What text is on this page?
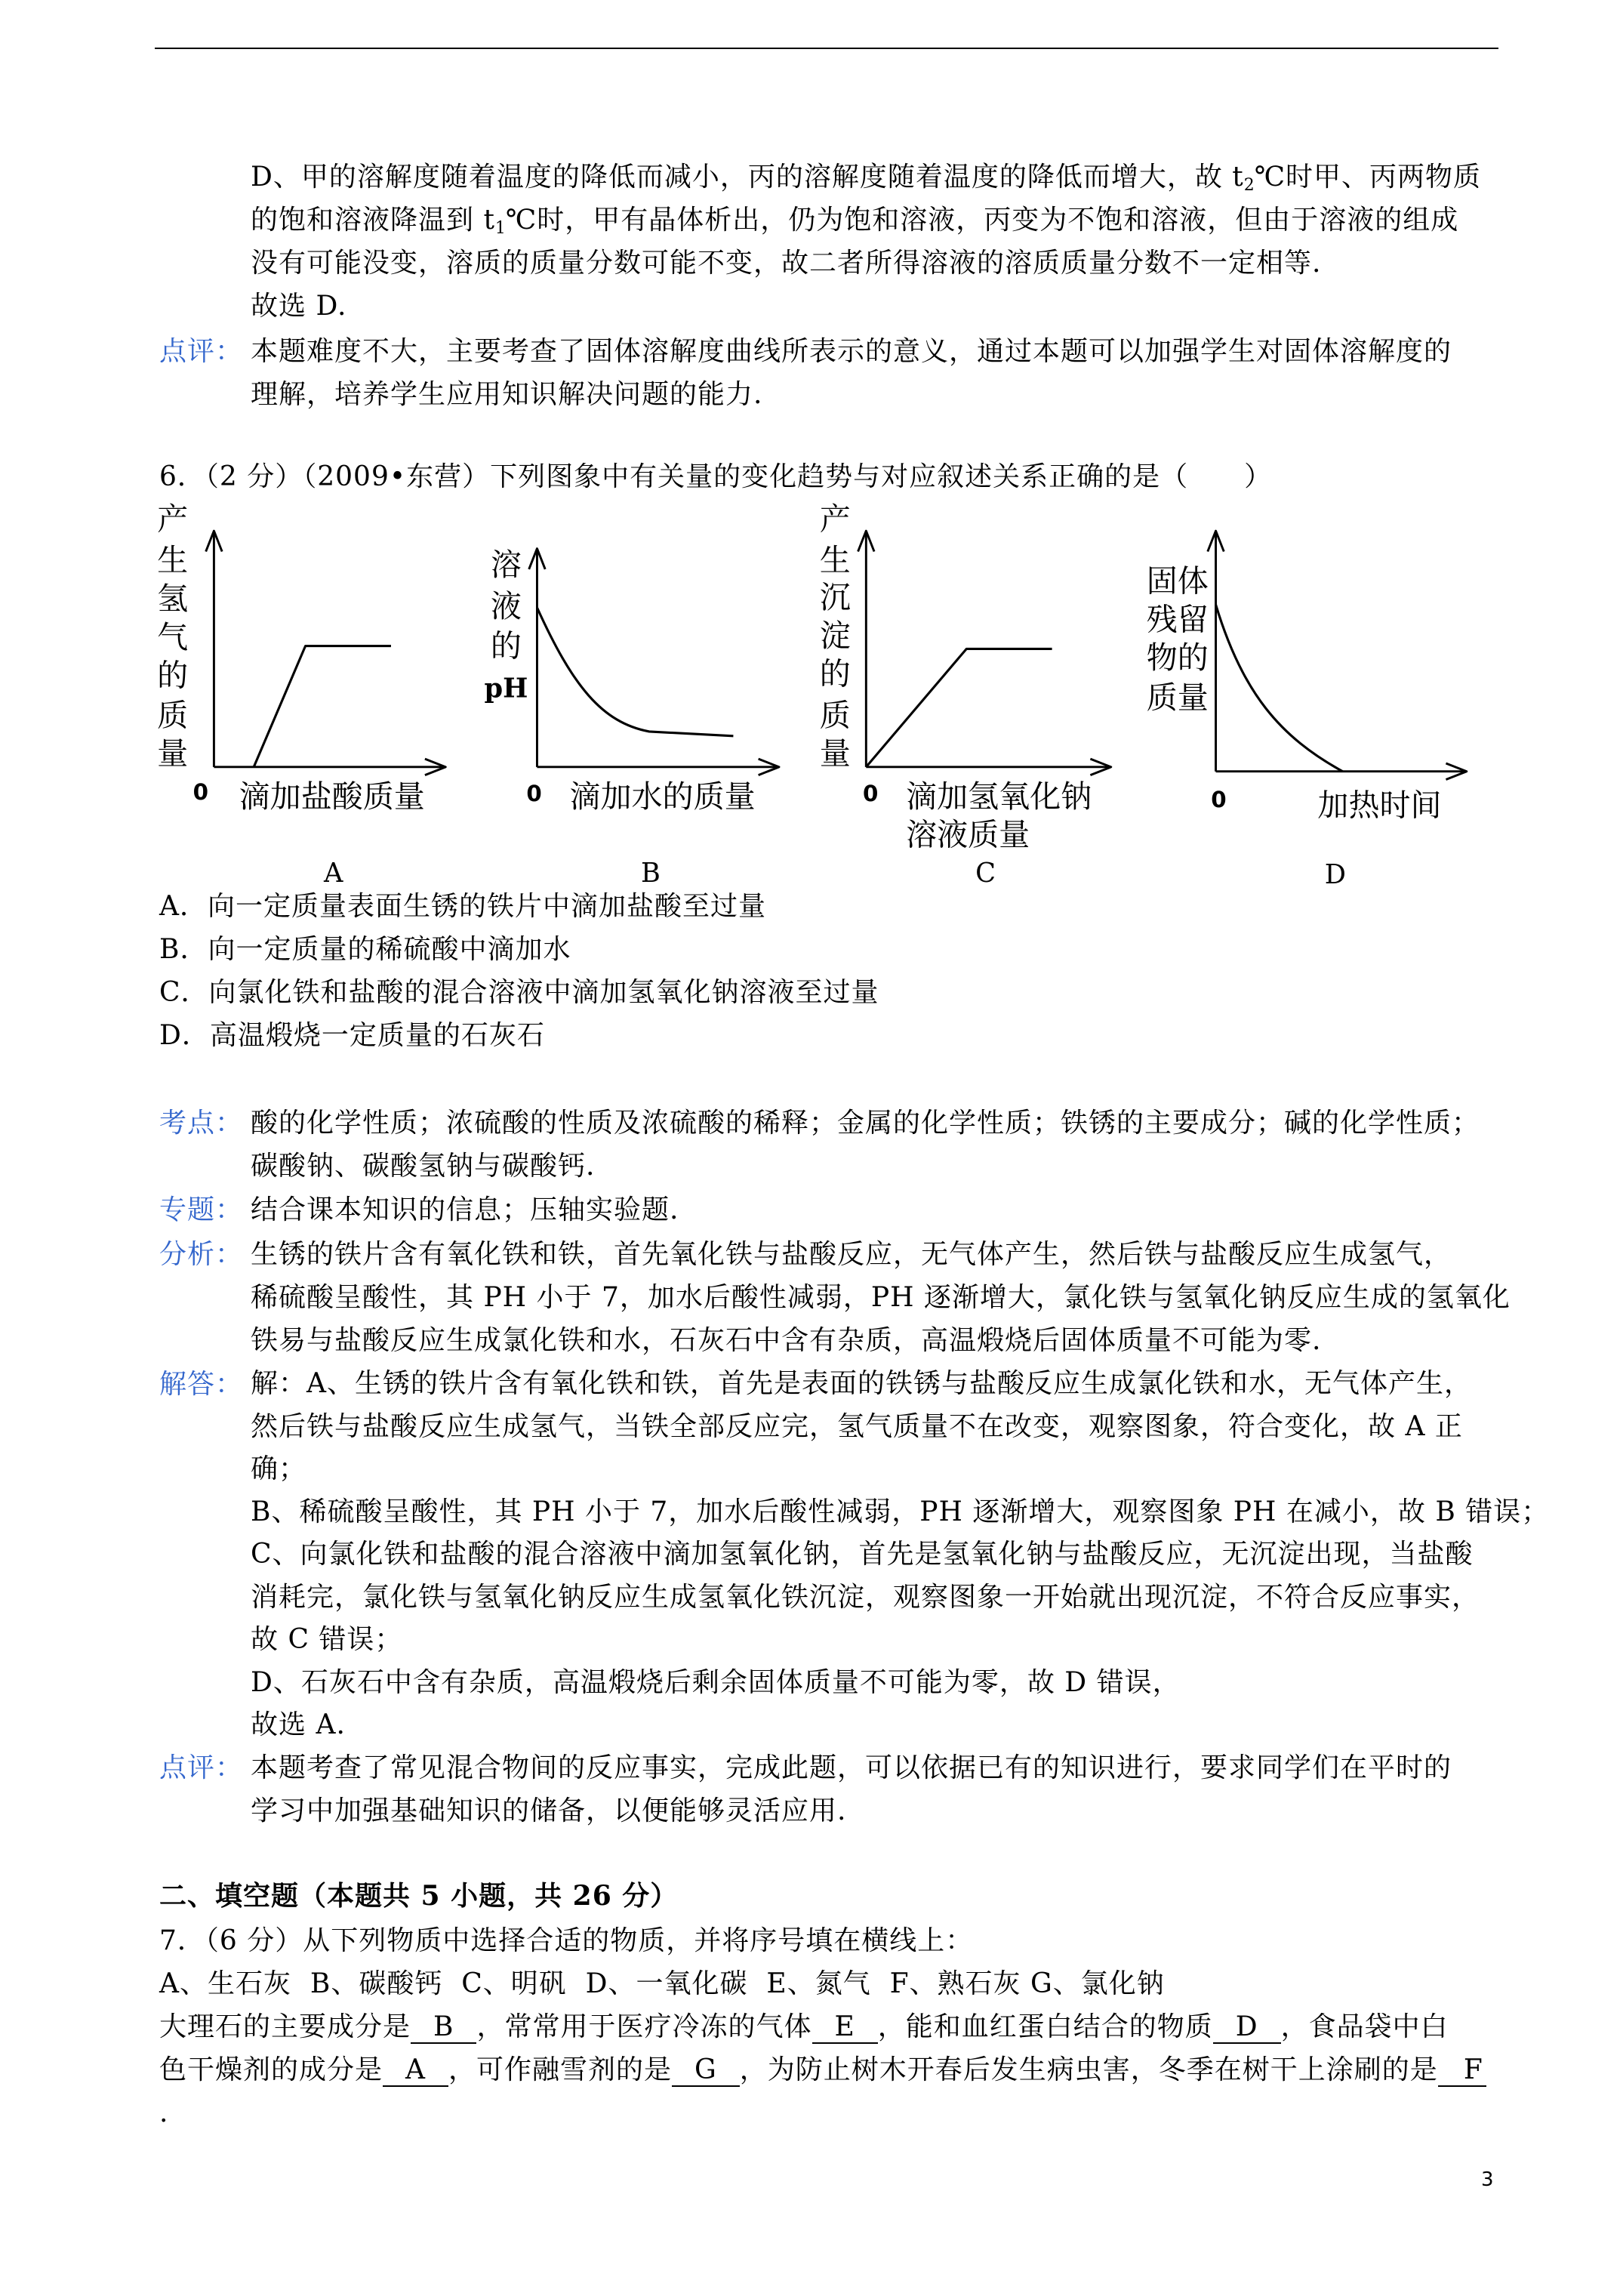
D、甲的溶解度随着温度的降低而减小，丙的溶解度随着温度的降低而增大，故 $t_2℃$时甲、丙两物质
的饱和溶液降温到 $t_1℃$时，甲有晶体析出，仍为饱和溶液，丙变为不饱和溶液，但由于溶液的组成
没有可能没变，溶质的质量分数可能不变，故二者所得溶液的溶质质量分数不一定相等.
故选 D.
点评： 本题难度不大，主要考查了固体溶解度曲线所表示的意义，通过本题可以加强学生对固体溶解度的
理解，培养学生应用知识解决问题的能力.
6．（2 分）（2009•东营）下列图象中有关量的变化趋势与对应叙述关系正确的是（　　）
产
生
氢
气
的
质
量
0 滴加盐酸质量
A
溶
液
的
pH
0 滴加水的质量
B
产
生
沉
淀
的
质
量
0 滴加氢氧化钠
溶液质量
C
固体
残留
物的
质量
0	加热时间
D
A．向一定质量表面生锈的铁片中滴加盐酸至过量
B．向一定质量的稀硫酸中滴加水
C．向氯化铁和盐酸的混合溶液中滴加氢氧化钠溶液至过量
D．高温煅烧一定质量的石灰石
考点： 酸的化学性质；浓硫酸的性质及浓硫酸的稀释；金属的化学性质；铁锈的主要成分；碱的化学性质；
碳酸钠、碳酸氢钠与碳酸钙.
专题： 结合课本知识的信息；压轴实验题.
分析： 生锈的铁片含有氧化铁和铁，首先氧化铁与盐酸反应，无气体产生，然后铁与盐酸反应生成氢气，
稀硫酸呈酸性，其 PH 小于 7，加水后酸性减弱，PH 逐渐增大，氯化铁与氢氧化钠反应生成的氢氧化
铁易与盐酸反应生成氯化铁和水，石灰石中含有杂质，高温煅烧后固体质量不可能为零.
解答： 解：A、生锈的铁片含有氧化铁和铁，首先是表面的铁锈与盐酸反应生成氯化铁和水，无气体产生，
然后铁与盐酸反应生成氢气，当铁全部反应完，氢气质量不在改变，观察图象，符合变化，故 A 正
确；
B、稀硫酸呈酸性，其 PH 小于 7，加水后酸性减弱，PH 逐渐增大，观察图象 PH 在减小，故 B 错误；
C、向氯化铁和盐酸的混合溶液中滴加氢氧化钠，首先是氢氧化钠与盐酸反应，无沉淀出现，当盐酸
消耗完，氯化铁与氢氧化钠反应生成氢氧化铁沉淀，观察图象一开始就出现沉淀，不符合反应事实，
故 C 错误；
D、石灰石中含有杂质，高温煅烧后剩余固体质量不可能为零，故 D 错误，
故选 A.
点评： 本题考查了常见混合物间的反应事实，完成此题，可以依据已有的知识进行，要求同学们在平时的
学习中加强基础知识的储备，以便能够灵活应用.
二、填空题（本题共 5 小题，共 26 分）
7．（6 分）从下列物质中选择合适的物质，并将序号填在横线上：
A、生石灰  B、碳酸钙  C、明矾  D、一氧化碳  E、氮气  F、熟石灰 G、氯化钠
大理石的主要成分是 B ，常常用于医疗冷冻的气体 E ，能和血红蛋白结合的物质 D ，食品袋中白
色干燥剂的成分是 A ，可作融雪剂的是 G ，为防止树木开春后发生病虫害，冬季在树干上涂刷的是 F
.
3
